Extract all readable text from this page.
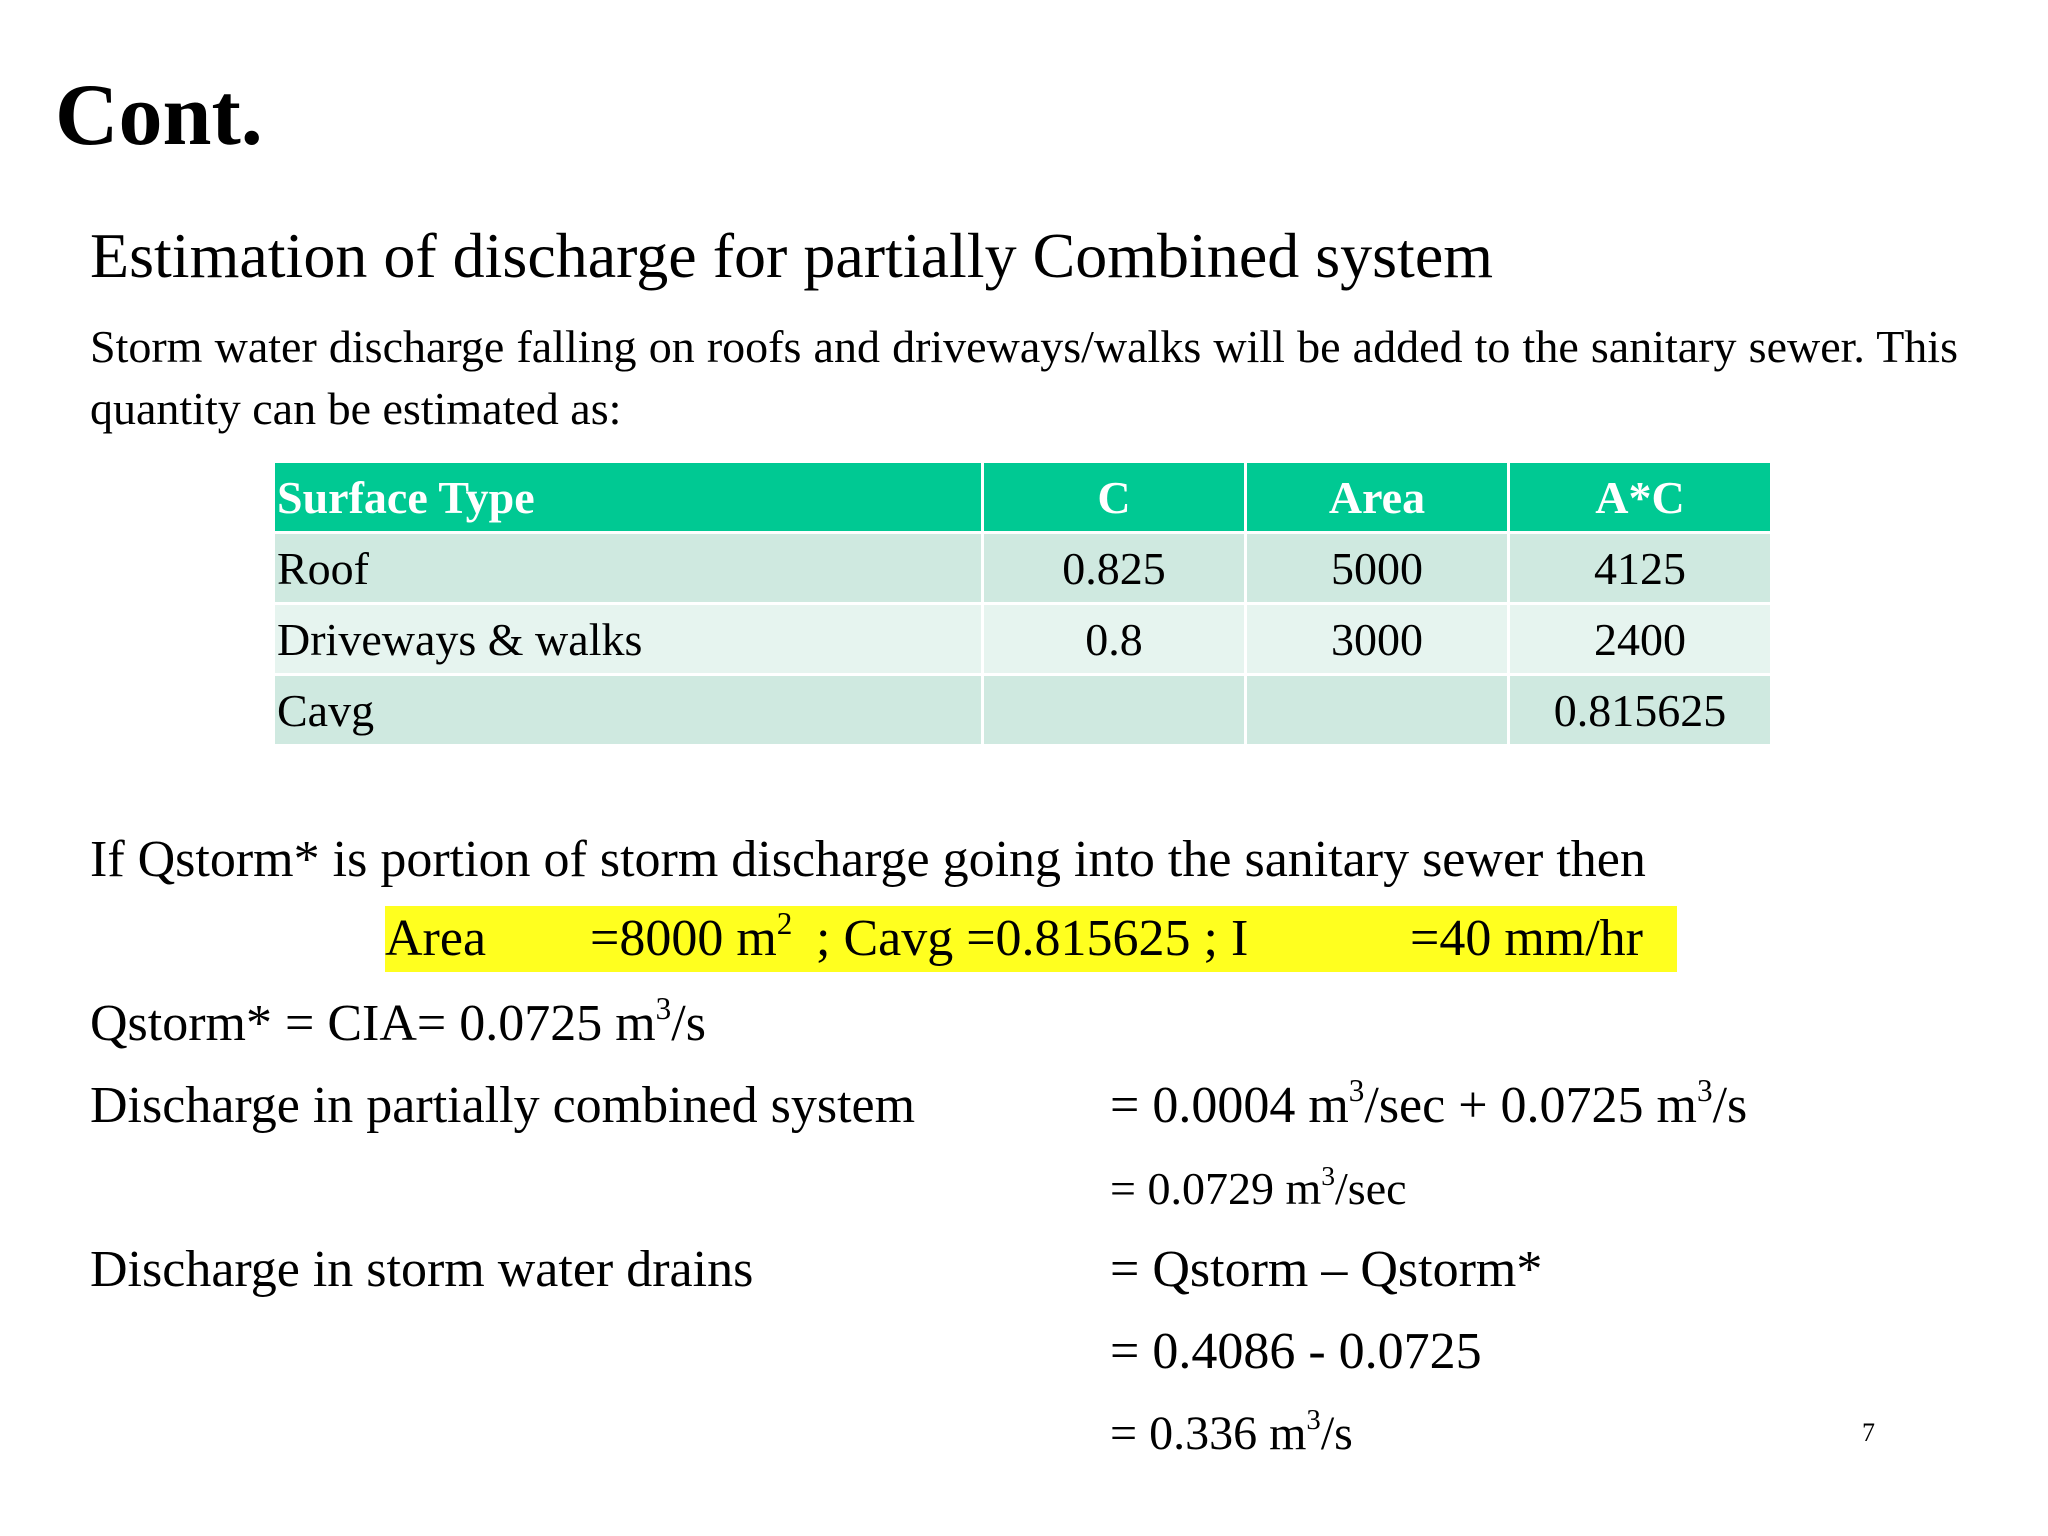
Cont.
Estimation of discharge for partially Combined system
Storm water discharge falling on roofs and driveways/walks will be added to the sanitary sewer. This quantity can be estimated as:
Surface Type	C	Area	A*C
Roof	0.825	5000	4125
Driveways & walks	0.8	3000	2400
Cavg			0.815625
If Qstorm* is portion of storm discharge going into the sanitary sewer then
Area =8000 $m^2$ ; Cavg =0.815625 ; I	=40 mm/hr
Qstorm* = CIA= 0.0725 $m^3/s$
Discharge in partially combined system	= 0.0004 $m^3/\sec + 0.0725$ $m^3/s$
= 0.0729 $m^3/\sec$
Discharge in storm water drains	= Qstorm – Qstorm*
= 0.4086 - 0.0725
= 0.336 $m^3/s$	7
